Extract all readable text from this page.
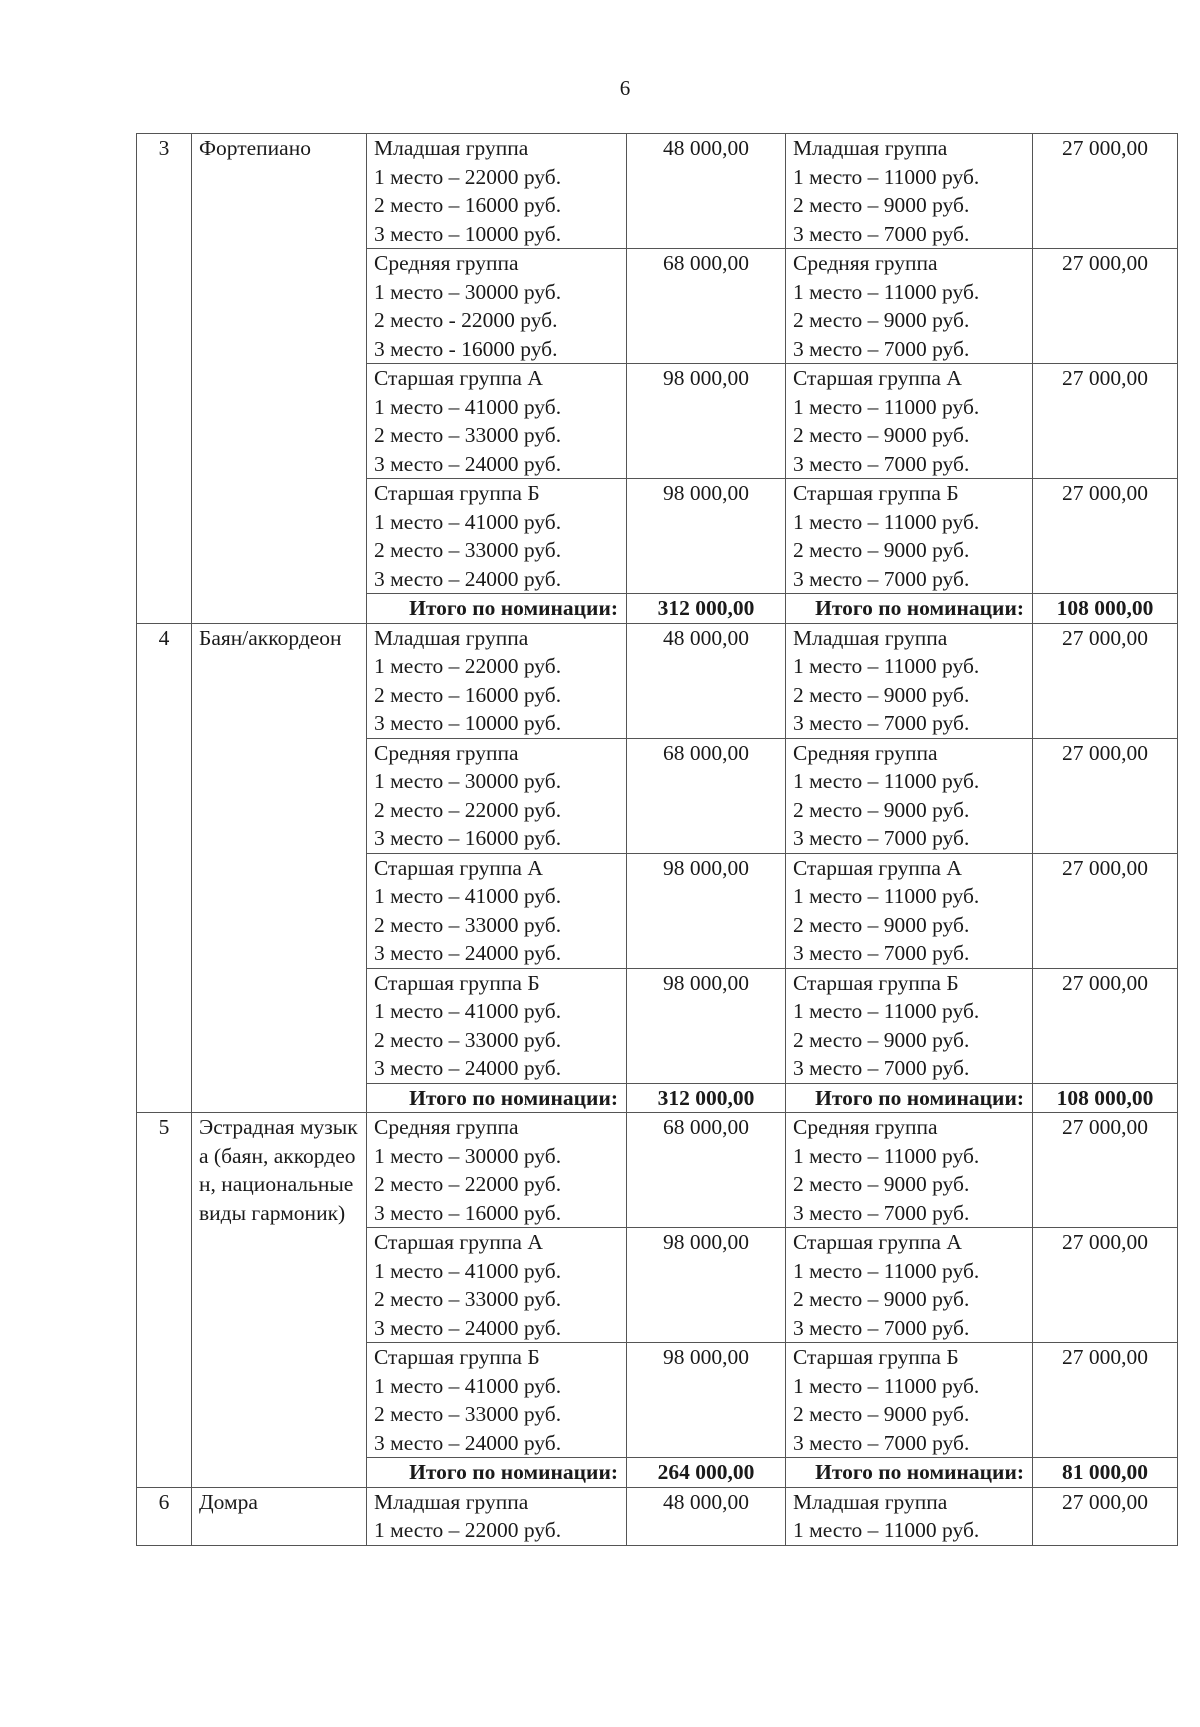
6
3	Фортепиано	Младшая группа
1 место – 22000 руб.
2 место – 16000 руб.
3 место – 10000 руб.	48 000,00	Младшая группа
1 место – 11000 руб.
2 место – 9000 руб.
3 место – 7000 руб.	27 000,00

		Средняя группа
1 место – 30000 руб.
2 место - 22000 руб.
3 место - 16000 руб.	68 000,00	Средняя группа
1 место – 11000 руб.
2 место – 9000 руб.
3 место – 7000 руб.	27 000,00

		Старшая группа А
1 место – 41000 руб.
2 место – 33000 руб.
3 место – 24000 руб.	98 000,00	Старшая группа А
1 место – 11000 руб.
2 место – 9000 руб.
3 место – 7000 руб.	27 000,00

		Старшая группа Б
1 место – 41000 руб.
2 место – 33000 руб.
3 место – 24000 руб.	98 000,00	Старшая группа Б
1 место – 11000 руб.
2 место – 9000 руб.
3 место – 7000 руб.	27 000,00
		Итого по номинации:	312 000,00	Итого по номинации:	108 000,00
4	Баян/аккордеон	Младшая группа
1 место – 22000 руб.
2 место – 16000 руб.
3 место – 10000 руб.	48 000,00	Младшая группа
1 место – 11000 руб.
2 место – 9000 руб.
3 место – 7000 руб.	27 000,00

		Средняя группа
1 место – 30000 руб.
2 место – 22000 руб.
3 место – 16000 руб.	68 000,00	Средняя группа
1 место – 11000 руб.
2 место – 9000 руб.
3 место – 7000 руб.	27 000,00

		Старшая группа А
1 место – 41000 руб.
2 место – 33000 руб.
3 место – 24000 руб.	98 000,00	Старшая группа А
1 место – 11000 руб.
2 место – 9000 руб.
3 место – 7000 руб.	27 000,00

		Старшая группа Б
1 место – 41000 руб.
2 место – 33000 руб.
3 место – 24000 руб.	98 000,00	Старшая группа Б
1 место – 11000 руб.
2 место – 9000 руб.
3 место – 7000 руб.	27 000,00
		Итого по номинации:	312 000,00	Итого по номинации:	108 000,00
5	Эстрадная музыка (баян, аккордеон, национальные виды гармоник)	Средняя группа
1 место – 30000 руб.
2 место – 22000 руб.
3 место – 16000 руб.	68 000,00	Средняя группа
1 место – 11000 руб.
2 место – 9000 руб.
3 место – 7000 руб.	27 000,00

		Старшая группа А
1 место – 41000 руб.
2 место – 33000 руб.
3 место – 24000 руб.	98 000,00	Старшая группа А
1 место – 11000 руб.
2 место – 9000 руб.
3 место – 7000 руб.	27 000,00

		Старшая группа Б
1 место – 41000 руб.
2 место – 33000 руб.
3 место – 24000 руб.	98 000,00	Старшая группа Б
1 место – 11000 руб.
2 место – 9000 руб.
3 место – 7000 руб.	27 000,00
		Итого по номинации:	264 000,00	Итого по номинации:	81 000,00
6	Домра	Младшая группа
1 место – 22000 руб.	48 000,00	Младшая группа
1 место – 11000 руб.	27 000,00
